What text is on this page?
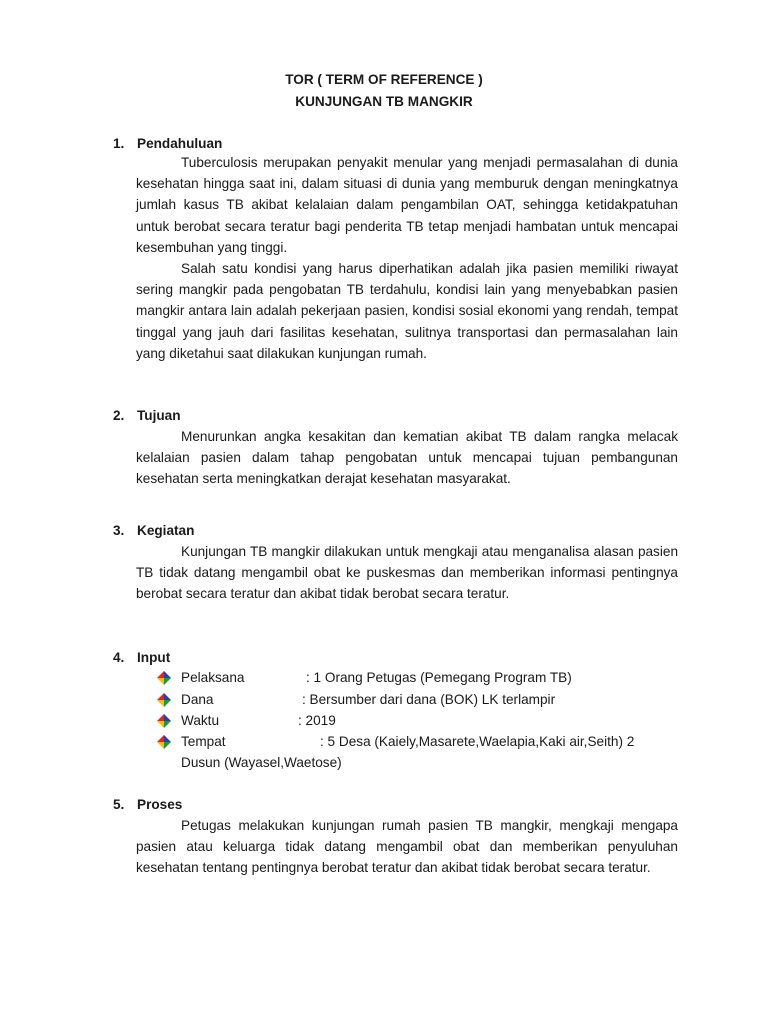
TOR ( TERM OF REFERENCE )
KUNJUNGAN TB MANGKIR
1. Pendahuluan

Tuberculosis merupakan penyakit menular yang menjadi permasalahan di dunia kesehatan hingga saat ini, dalam situasi di dunia yang memburuk dengan meningkatnya jumlah kasus TB akibat kelalaian dalam pengambilan OAT, sehingga ketidakpatuhan untuk berobat secara teratur bagi penderita TB tetap menjadi hambatan untuk mencapai kesembuhan yang tinggi.

Salah satu kondisi yang harus diperhatikan adalah jika pasien memiliki riwayat sering mangkir pada pengobatan TB terdahulu, kondisi lain yang menyebabkan pasien mangkir antara lain adalah pekerjaan pasien, kondisi sosial ekonomi yang rendah, tempat tinggal yang jauh dari fasilitas kesehatan, sulitnya transportasi dan permasalahan lain yang diketahui saat dilakukan kunjungan rumah.

2. Tujuan

Menurunkan angka kesakitan dan kematian akibat TB dalam rangka melacak kelalaian pasien dalam tahap pengobatan untuk mencapai tujuan pembangunan kesehatan serta meningkatkan derajat kesehatan masyarakat.

3. Kegiatan

Kunjungan TB mangkir dilakukan untuk mengkaji atau menganalisa alasan pasien TB tidak datang mengambil obat ke puskesmas dan memberikan informasi pentingnya berobat secara teratur dan akibat tidak berobat secara teratur.

4. Input
Pelaksana	: 1 Orang Petugas (Pemegang Program TB)
Dana	: Bersumber dari dana (BOK) LK terlampir
Waktu	: 2019
Tempat	: 5 Desa (Kaiely,Masarete,Waelapia,Kaki air,Seith) 2
Dusun (Wayasel,Waetose)
5. Proses

Petugas melakukan kunjungan rumah pasien TB mangkir, mengkaji mengapa pasien atau keluarga tidak datang mengambil obat dan memberikan penyuluhan kesehatan tentang pentingnya berobat teratur dan akibat tidak berobat secara teratur.
